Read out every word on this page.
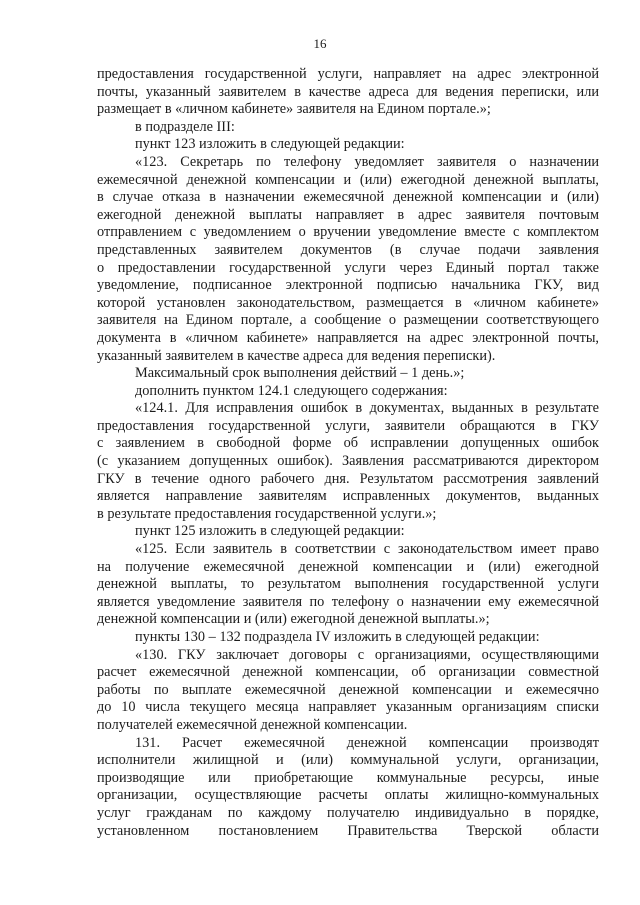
16
предоставления государственной услуги, направляет на адрес электронной
почты, указанный заявителем в качестве адреса для ведения переписки, или
размещает в «личном кабинете» заявителя на Едином портале.»;
в подразделе III:
пункт 123 изложить в следующей редакции:
«123. Секретарь по телефону уведомляет заявителя о назначении
ежемесячной денежной компенсации и (или) ежегодной денежной выплаты,
в случае отказа в назначении ежемесячной денежной компенсации и (или)
ежегодной денежной выплаты направляет в адрес заявителя почтовым
отправлением с уведомлением о вручении уведомление вместе с комплектом
представленных заявителем документов (в случае подачи заявления
о предоставлении государственной услуги через Единый портал также
уведомление, подписанное электронной подписью начальника ГКУ, вид
которой установлен законодательством, размещается в «личном кабинете»
заявителя на Едином портале, а сообщение о размещении соответствующего
документа в «личном кабинете» направляется на адрес электронной почты,
указанный заявителем в качестве адреса для ведения переписки).
Максимальный срок выполнения действий – 1 день.»;
дополнить пунктом 124.1 следующего содержания:
«124.1. Для исправления ошибок в документах, выданных в результате
предоставления государственной услуги, заявители обращаются в ГКУ
с заявлением в свободной форме об исправлении допущенных ошибок
(с указанием допущенных ошибок). Заявления рассматриваются директором
ГКУ в течение одного рабочего дня. Результатом рассмотрения заявлений
является направление заявителям исправленных документов, выданных
в результате предоставления государственной услуги.»;
пункт 125 изложить в следующей редакции:
«125. Если заявитель в соответствии с законодательством имеет право
на получение ежемесячной денежной компенсации и (или) ежегодной
денежной выплаты, то результатом выполнения государственной услуги
является уведомление заявителя по телефону о назначении ему ежемесячной
денежной компенсации и (или) ежегодной денежной выплаты.»;
пункты 130 – 132 подраздела IV изложить в следующей редакции:
«130. ГКУ заключает договоры с организациями, осуществляющими
расчет ежемесячной денежной компенсации, об организации совместной
работы по выплате ежемесячной денежной компенсации и ежемесячно
до 10 числа текущего месяца направляет указанным организациям списки
получателей ежемесячной денежной компенсации.
131. Расчет ежемесячной денежной компенсации производят
исполнители жилищной и (или) коммунальной услуги, организации,
производящие или приобретающие коммунальные ресурсы, иные
организации, осуществляющие расчеты оплаты жилищно-коммунальных
услуг гражданам по каждому получателю индивидуально в порядке,
установленном постановлением Правительства Тверской области
